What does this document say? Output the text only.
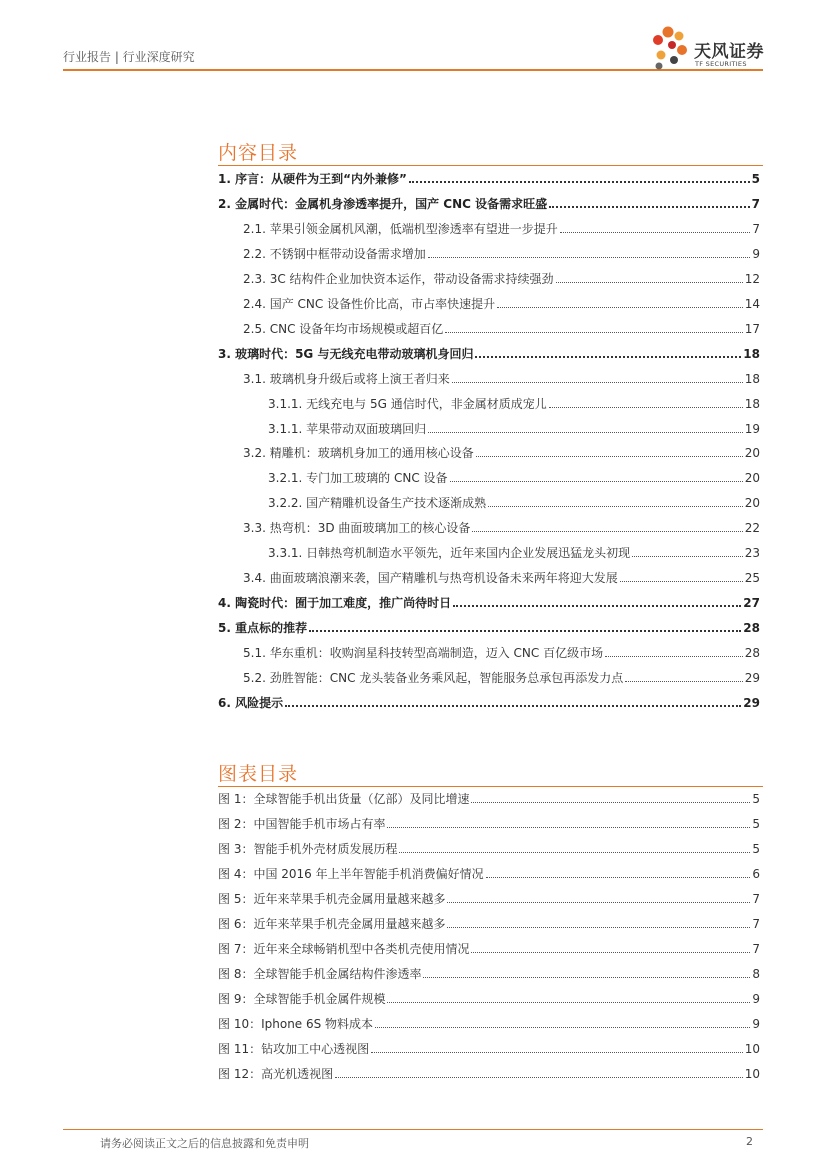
行业报告 | 行业深度研究	天风证券
TF SECURITIES
内容目录
1. 序言：从硬件为王到“内外兼修”	5
2. 金属时代：金属机身渗透率提升，国产 CNC 设备需求旺盛	7
2.1. 苹果引领金属机风潮，低端机型渗透率有望进一步提升	7
2.2. 不锈钢中框带动设备需求增加	9
2.3. 3C 结构件企业加快资本运作，带动设备需求持续强劲	12
2.4. 国产 CNC 设备性价比高，市占率快速提升	14
2.5. CNC 设备年均市场规模或超百亿	17
3. 玻璃时代：5G 与无线充电带动玻璃机身回归	18
3.1. 玻璃机身升级后或将上演王者归来	18
3.1.1. 无线充电与 5G 通信时代，非金属材质成宠儿	18
3.1.1. 苹果带动双面玻璃回归	19
3.2. 精雕机：玻璃机身加工的通用核心设备	20
3.2.1. 专门加工玻璃的 CNC 设备	20
3.2.2. 国产精雕机设备生产技术逐渐成熟	20
3.3. 热弯机：3D 曲面玻璃加工的核心设备	22
3.3.1. 日韩热弯机制造水平领先，近年来国内企业发展迅猛龙头初现	23
3.4. 曲面玻璃浪潮来袭，国产精雕机与热弯机设备未来两年将迎大发展	25
4. 陶瓷时代：囿于加工难度，推广尚待时日	27
5. 重点标的推荐	28
5.1. 华东重机：收购润星科技转型高端制造，迈入 CNC 百亿级市场	28
5.2. 劲胜智能：CNC 龙头装备业务乘风起，智能服务总承包再添发力点	29
6. 风险提示	29
图表目录
图 1：全球智能手机出货量（亿部）及同比增速	5
图 2：中国智能手机市场占有率	5
图 3：智能手机外壳材质发展历程	5
图 4：中国 2016 年上半年智能手机消费偏好情况	6
图 5：近年来苹果手机壳金属用量越来越多	7
图 6：近年来苹果手机壳金属用量越来越多	7
图 7：近年来全球畅销机型中各类机壳使用情况	7
图 8：全球智能手机金属结构件渗透率	8
图 9：全球智能手机金属件规模	9
图 10：Iphone 6S 物料成本	9
图 11：钻攻加工中心透视图	10
图 12：高光机透视图	10
请务必阅读正文之后的信息披露和免责申明	2
